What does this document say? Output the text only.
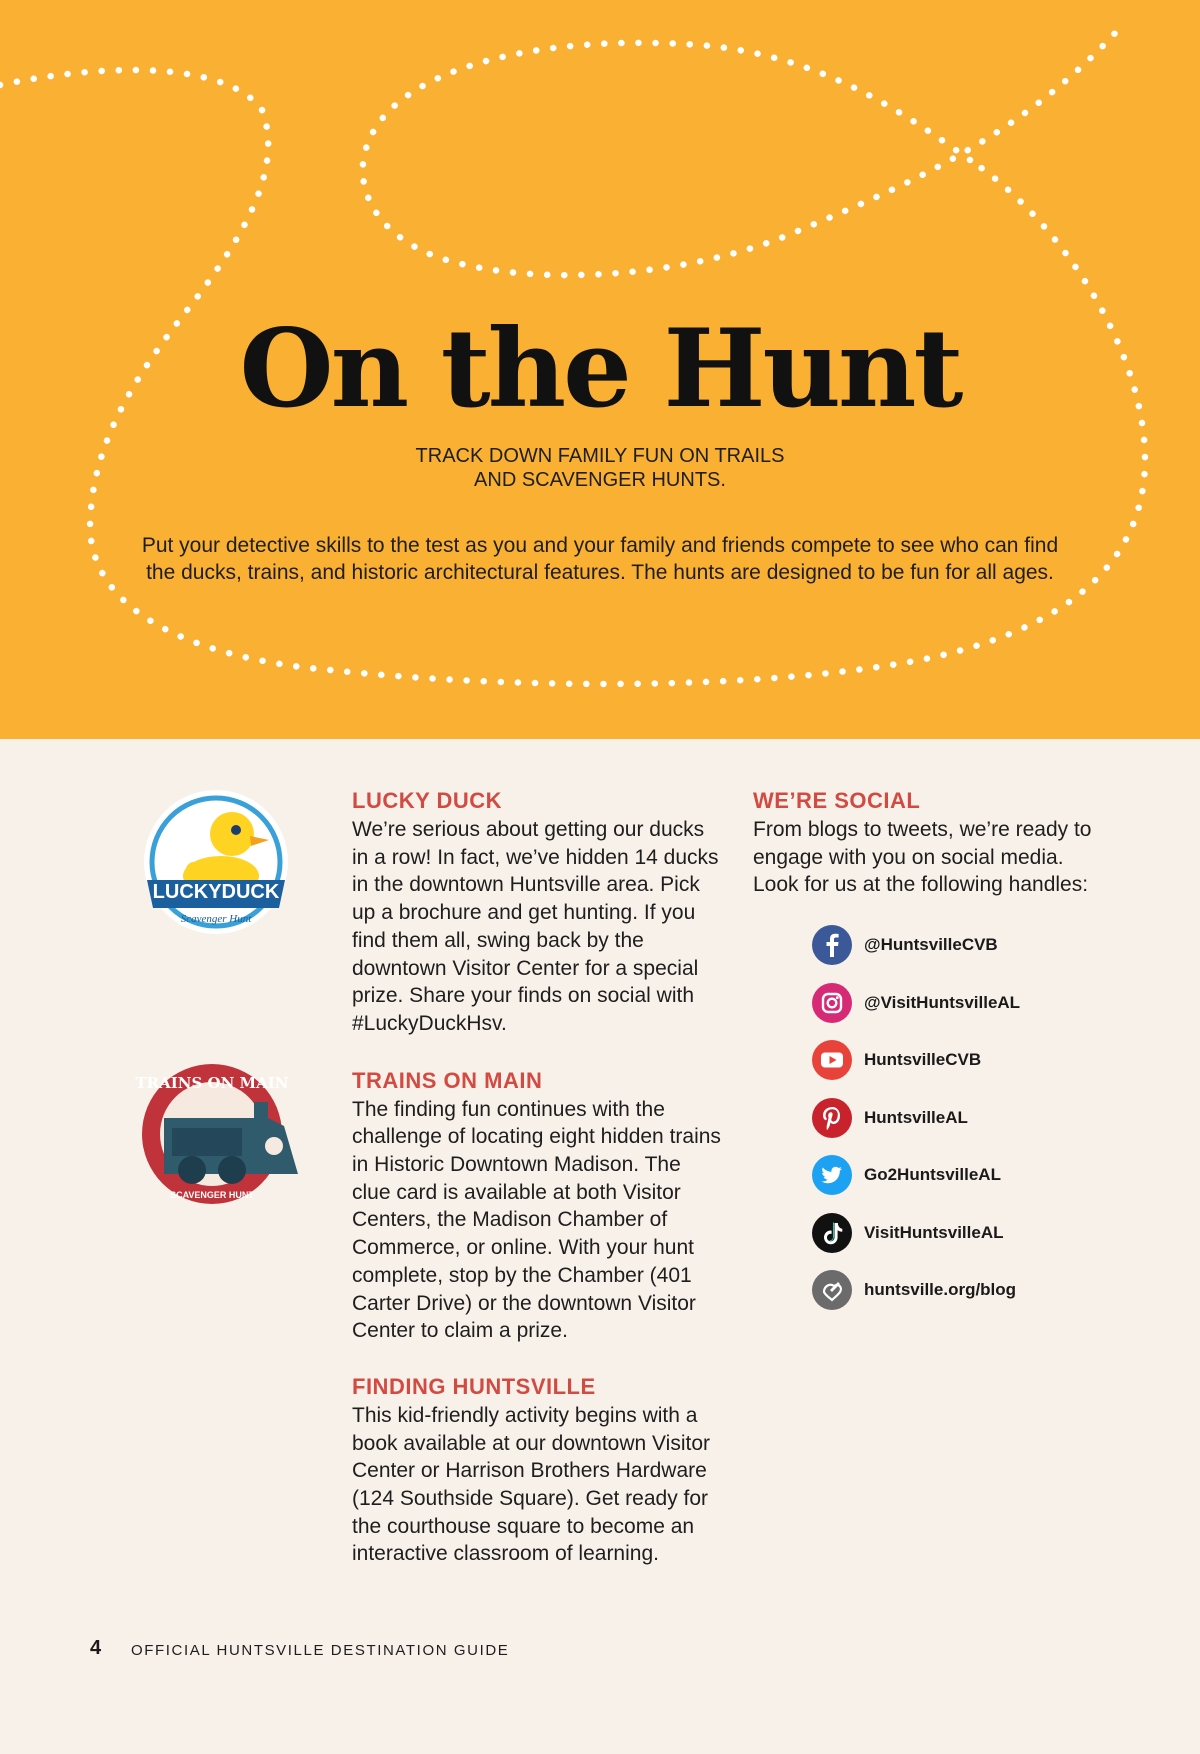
On the Hunt
TRACK DOWN FAMILY FUN ON TRAILS
AND SCAVENGER HUNTS.
Put your detective skills to the test as you and your family and friends compete to see who can find
the ducks, trains, and historic architectural features. The hunts are designed to be fun for all ages.
LUCKYDUCK
Scavenger Hunt
TRAINS ON MAIN
SCAVENGER HUNT
LUCKY DUCK

We’re serious about getting our ducks in a row! In fact, we’ve hidden 14 ducks in the downtown Huntsville area. Pick up a brochure and get hunting. If you find them all, swing back by the downtown Visitor Center for a special prize. Share your finds on social with #LuckyDuckHsv.

TRAINS ON MAIN

The finding fun continues with the challenge of locating eight hidden trains in Historic Downtown Madison. The clue card is available at both Visitor Centers, the Madison Chamber of Commerce, or online. With your hunt complete, stop by the Chamber (401 Carter Drive) or the downtown Visitor Center to claim a prize.

FINDING HUNTSVILLE

This kid-friendly activity begins with a book available at our downtown Visitor Center or Harrison Brothers Hardware (124 Southside Square). Get ready for the courthouse square to become an interactive classroom of learning.

WE’RE SOCIAL

From blogs to tweets, we’re ready to engage with you on social media. Look for us at the following handles:

@HuntsvilleCVB
@VisitHuntsvilleAL
HuntsvilleCVB
HuntsvilleAL
Go2HuntsvilleAL
VisitHuntsvilleAL
huntsville.org/blog
4 OFFICIAL HUNTSVILLE DESTINATION GUIDE
